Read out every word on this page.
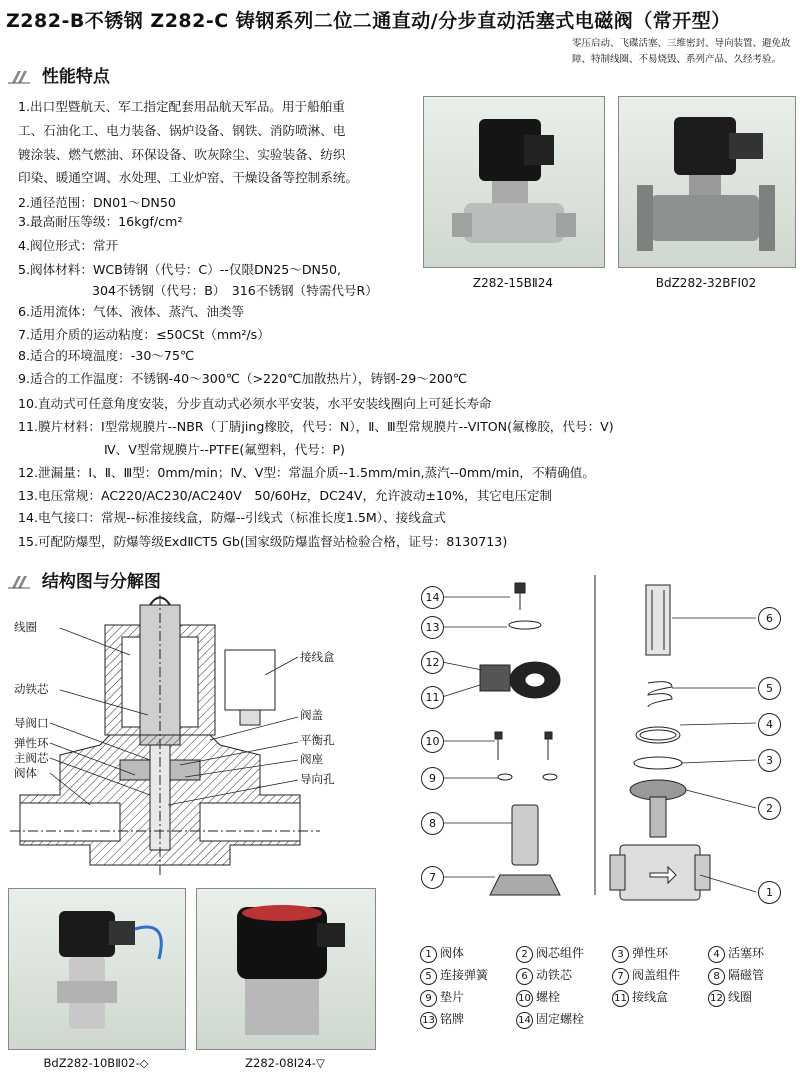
Z282-B不锈钢 Z282-C 铸钢系列二位二通直动/分步直动活塞式电磁阀（常开型）
零压启动、飞碟活塞、三维密封、导向装置、避免故障、特制线圈、不易烧毁、系列产品、久经考验。
性能特点
1.出口型暨航天、军工指定配套用品航天军品。用于船舶重
工、石油化工、电力装备、锅炉设备、钢铁、消防喷淋、电
镀涂装、燃气燃油、环保设备、吹灰除尘、实验装备、纺织
印染、暖通空调、水处理、工业炉窑、干燥设备等控制系统。
2.通径范围：DN01～DN50
3.最高耐压等级：16kgf/cm²
4.阀位形式：常开
5.阀体材料：WCB铸钢（代号：C）--仅限DN25～DN50,
304不锈钢（代号：B）　316不锈钢（特需代号R）
6.适用流体：气体、液体、蒸汽、油类等
7.适用介质的运动粘度：≤50CSt（mm²/s）
8.适合的环境温度：-30～75℃
9.适合的工作温度：不锈钢-40～300℃（>220℃加散热片），铸钢-29～200℃
10.直动式可任意角度安装，分步直动式必须水平安装，水平安装线圈向上可延长寿命
11.膜片材料：Ⅰ型常规膜片--NBR（丁腈jing橡胶，代号：N），Ⅱ、Ⅲ型常规膜片--VITON(氟橡胶，代号：V)
Ⅳ、Ⅴ型常规膜片--PTFE(氟塑料，代号：P)
12.泄漏量：Ⅰ、Ⅱ、Ⅲ型：0mm/min；Ⅳ、Ⅴ型：常温介质--1.5mm/min,蒸汽--0mm/min，不精确值。
13.电压常规：AC220/AC230/AC240V　50/60Hz，DC24V，允许波动±10%，其它电压定制
14.电气接口：常规--标准接线盒，防爆--引线式（标准长度1.5M）、接线盒式
15.可配防爆型，防爆等级ExdⅡCT5 Gb(国家级防爆监督站检验合格，证号：8130713)
Z282-15BⅡ24	BdZ282-32BFⅠ02
结构图与分解图
线圈
接线盒
动铁芯
阀盖
导阀口
平衡孔
弹性环
阀座
主阀芯
导向孔
阀体
14
13
12
11
10
9
8
7
6
5
4
3
2
1
BdZ282-10BⅡ02-◇	Z282-08Ⅰ24-▽
1 阀体	2 阀芯组件	3 弹性环	4 活塞环
5 连接弹簧	6 动铁芯	7 阀盖组件	8 隔磁管
9 垫片	10 螺栓	11 接线盒	12 线圈
13 铭牌	14 固定螺栓
